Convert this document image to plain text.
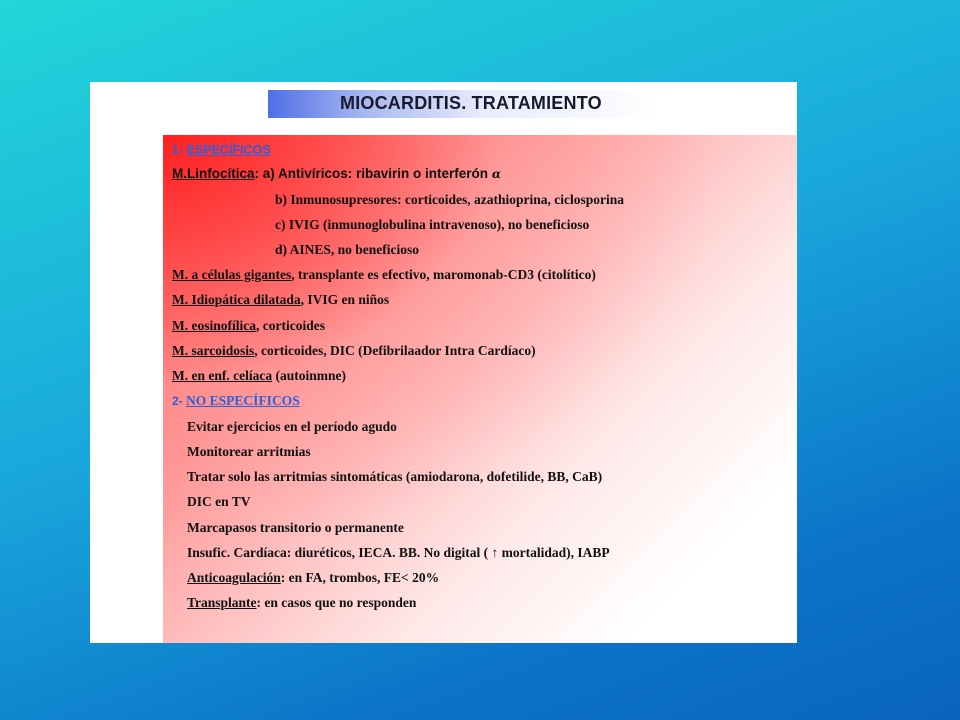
MIOCARDITIS. TRATAMIENTO
1- ESPECÍFICOS
M.Linfocítica: a) Antivíricos: ribavirin o interferón α
b) Inmunosupresores: corticoides, azathioprina, ciclosporina
c) IVIG (inmunoglobulina intravenoso), no beneficioso
d) AINES, no beneficioso
M. a células gigantes, transplante es efectivo, maromonab-CD3 (citolítico)
M. Idiopática dilatada, IVIG en niños
M. eosinofílica, corticoides
M. sarcoidosis, corticoides, DIC (Defibrilaador Intra Cardíaco)
M. en enf. celíaca (autoinmne)
2- NO ESPECÍFICOS
Evitar ejercicios en el período agudo
Monitorear arritmias
Tratar solo las arritmias sintomáticas (amiodarona, dofetilide, BB, CaB)
DIC en TV
Marcapasos transitorio o permanente
Insufic. Cardíaca: diuréticos, IECA. BB. No digital ( ↑ mortalidad), IABP
Anticoagulación: en FA, trombos, FE< 20%
Transplante: en casos que no responden
